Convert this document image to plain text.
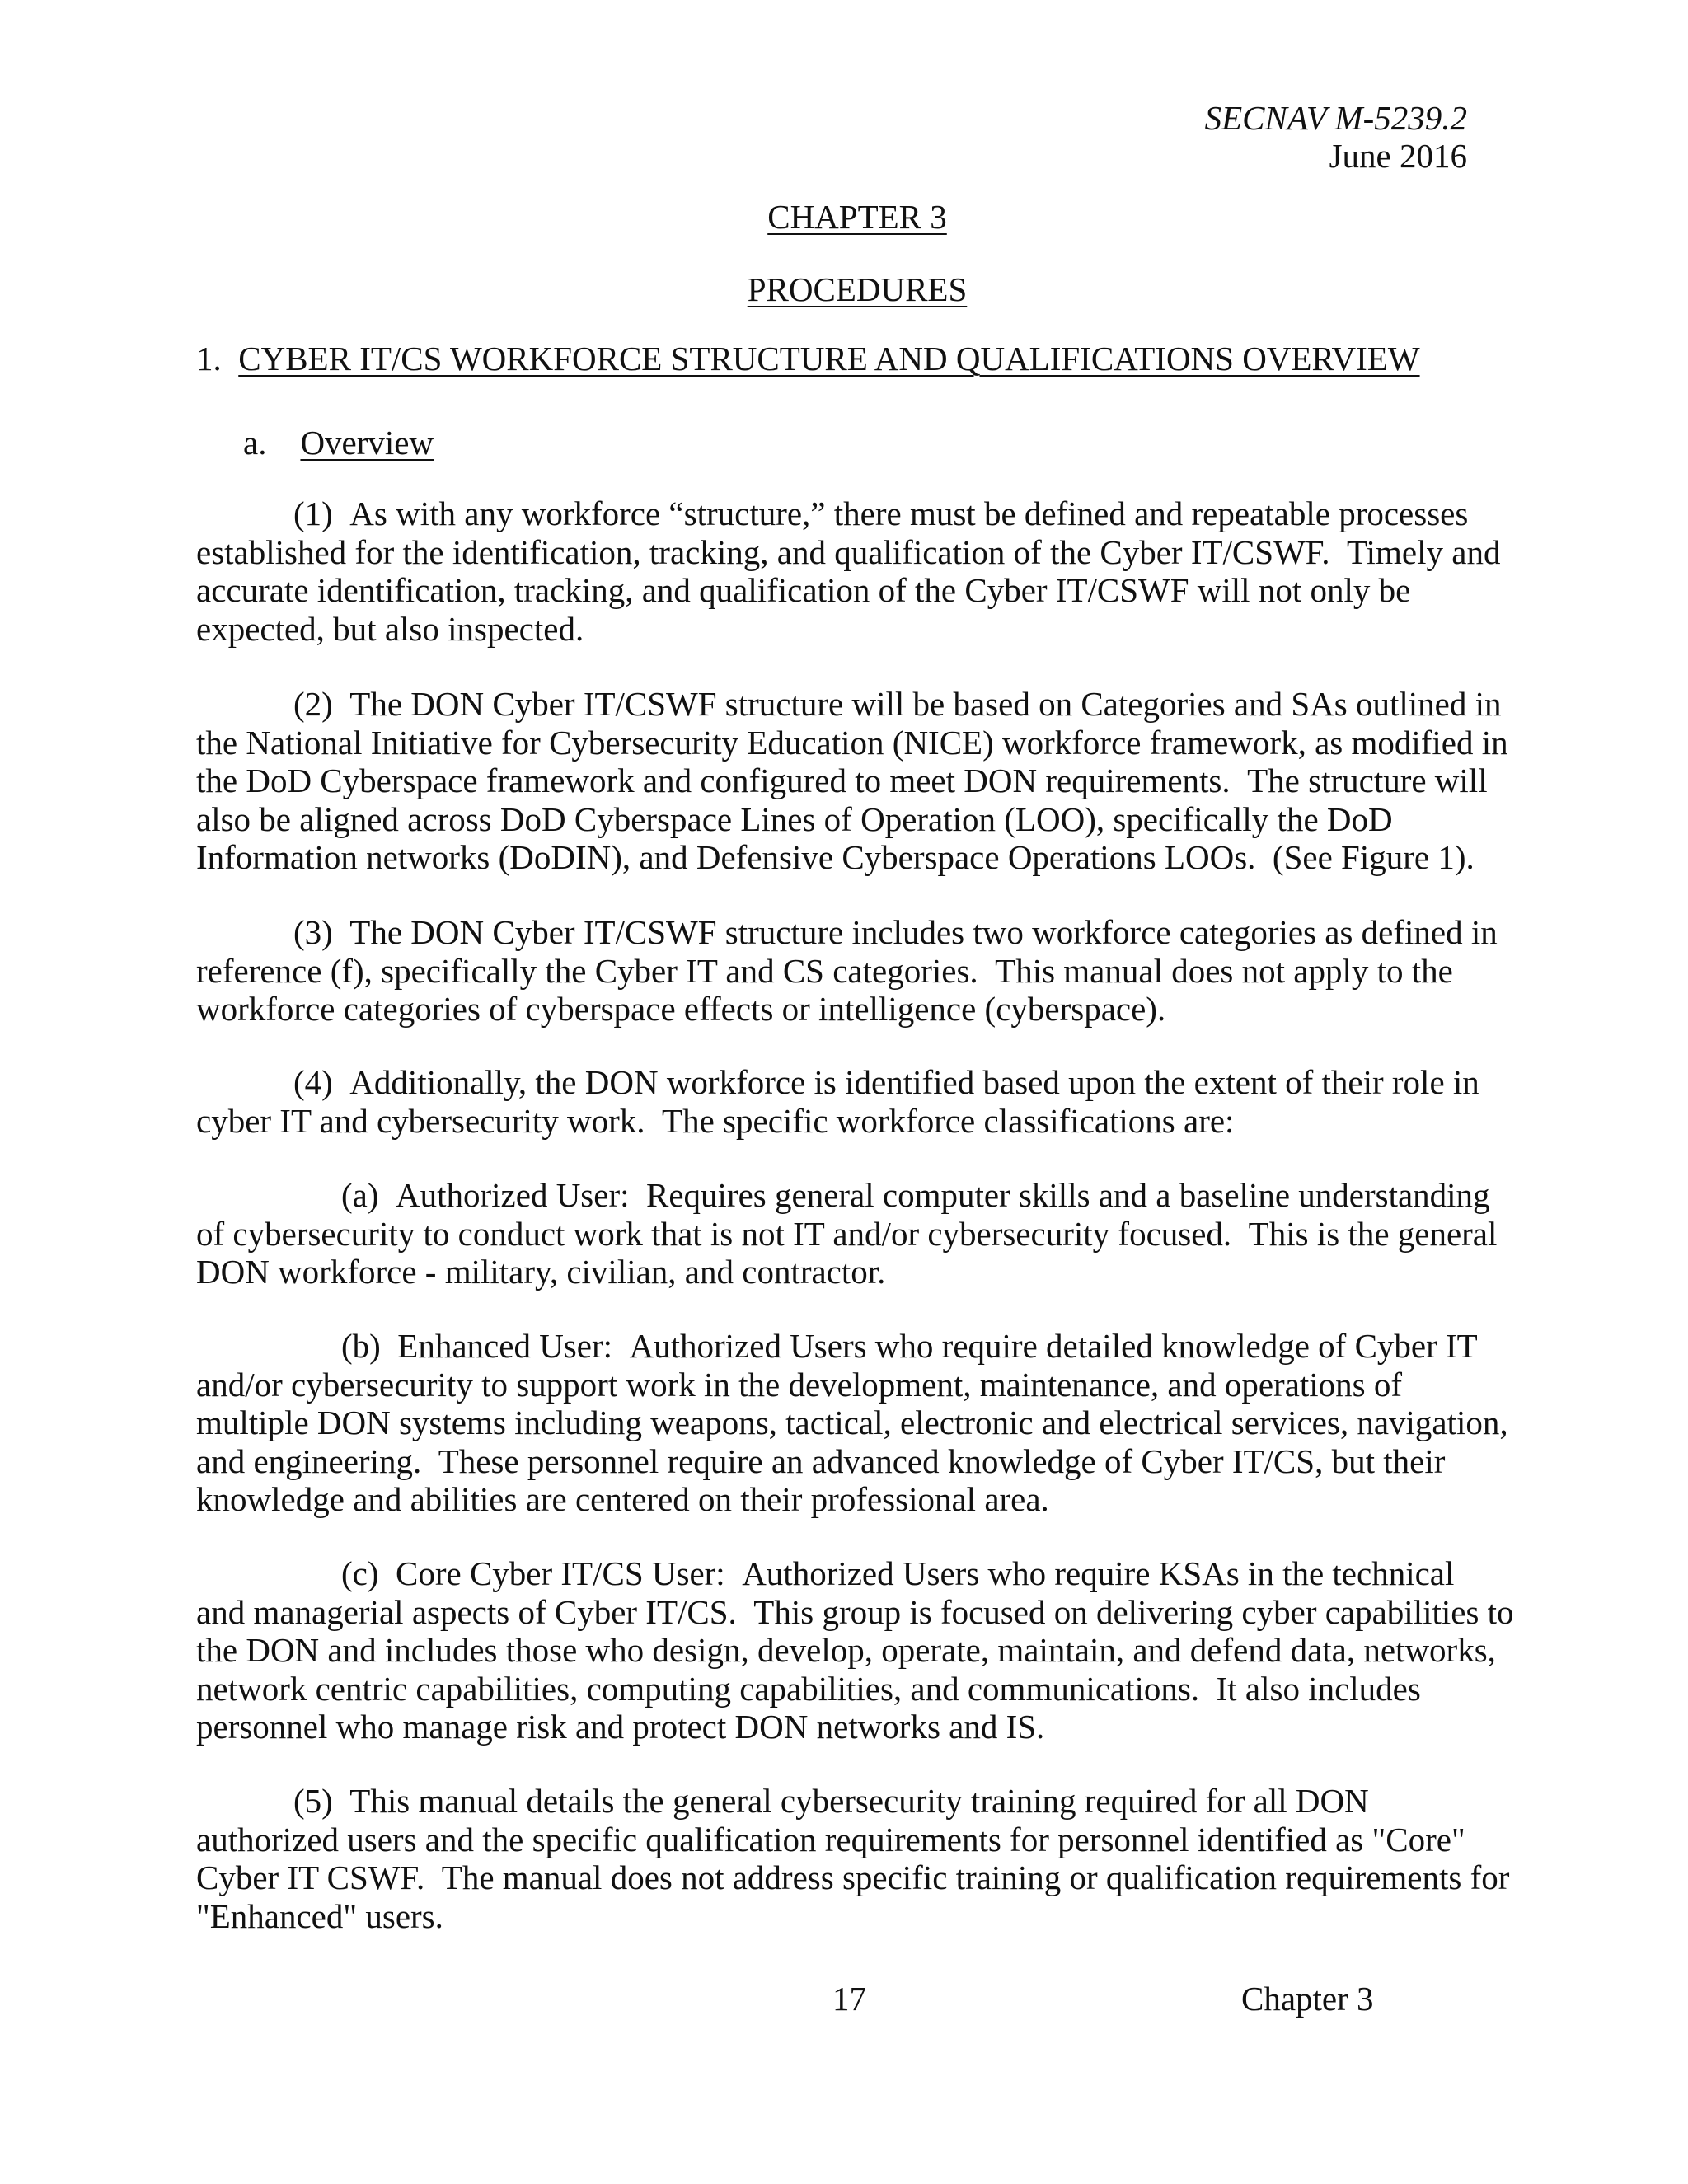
SECNAV M-5239.2
June 2016
CHAPTER 3
PROCEDURES
1. CYBER IT/CS WORKFORCE STRUCTURE AND QUALIFICATIONS OVERVIEW
a. Overview
(1)  As with any workforce “structure,” there must be defined and repeatable processes
established for the identification, tracking, and qualification of the Cyber IT/CSWF.  Timely and
accurate identification, tracking, and qualification of the Cyber IT/CSWF will not only be
expected, but also inspected.
(2)  The DON Cyber IT/CSWF structure will be based on Categories and SAs outlined in
the National Initiative for Cybersecurity Education (NICE) workforce framework, as modified in
the DoD Cyberspace framework and configured to meet DON requirements.  The structure will
also be aligned across DoD Cyberspace Lines of Operation (LOO), specifically the DoD
Information networks (DoDIN), and Defensive Cyberspace Operations LOOs.  (See Figure 1).
(3)  The DON Cyber IT/CSWF structure includes two workforce categories as defined in
reference (f), specifically the Cyber IT and CS categories.  This manual does not apply to the
workforce categories of cyberspace effects or intelligence (cyberspace).
(4)  Additionally, the DON workforce is identified based upon the extent of their role in
cyber IT and cybersecurity work.  The specific workforce classifications are:
(a)  Authorized User:  Requires general computer skills and a baseline understanding
of cybersecurity to conduct work that is not IT and/or cybersecurity focused.  This is the general
DON workforce - military, civilian, and contractor.
(b)  Enhanced User:  Authorized Users who require detailed knowledge of Cyber IT
and/or cybersecurity to support work in the development, maintenance, and operations of
multiple DON systems including weapons, tactical, electronic and electrical services, navigation,
and engineering.  These personnel require an advanced knowledge of Cyber IT/CS, but their
knowledge and abilities are centered on their professional area.
(c)  Core Cyber IT/CS User:  Authorized Users who require KSAs in the technical
and managerial aspects of Cyber IT/CS.  This group is focused on delivering cyber capabilities to
the DON and includes those who design, develop, operate, maintain, and defend data, networks,
network centric capabilities, computing capabilities, and communications.  It also includes
personnel who manage risk and protect DON networks and IS.
(5)  This manual details the general cybersecurity training required for all DON
authorized users and the specific qualification requirements for personnel identified as "Core"
Cyber IT CSWF.  The manual does not address specific training or qualification requirements for
"Enhanced" users.
17	Chapter 3
